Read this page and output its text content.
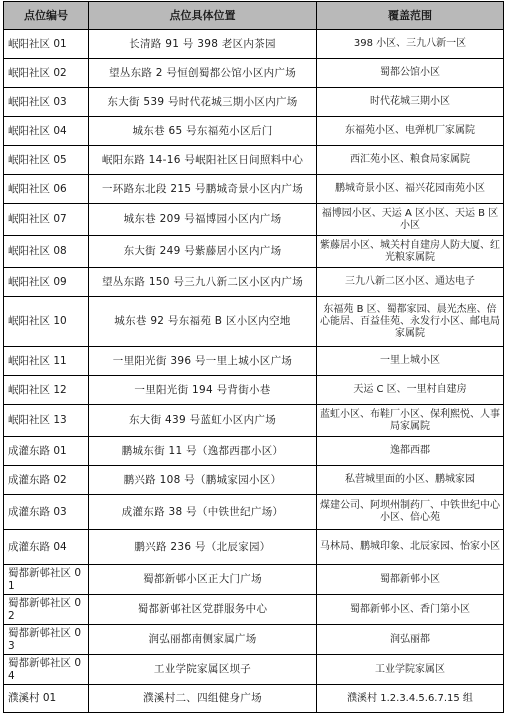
点位编号	点位具体位置	覆盖范围
岷阳社区 01	长清路 91 号 398 老区内茶园	398 小区、三九八新一区
岷阳社区 02	望丛东路 2 号恒创蜀都公馆小区内广场	蜀都公馆小区
岷阳社区 03	东大街 539 号时代花城三期小区内广场	时代花城三期小区
岷阳社区 04	城东巷 65 号东福苑小区后门	东福苑小区、电弹机厂家属院
岷阳社区 05	岷阳东路 14-16 号岷阳社区日间照料中心	西汇苑小区、粮食局家属院
岷阳社区 06	一环路东北段 215 号鹏城奇景小区内广场	鹏城奇景小区、福兴花园南苑小区
岷阳社区 07	城东巷 209 号福博园小区内广场	福博园小区、天运 A 区小区、天运 B 区小区
岷阳社区 08	东大街 249 号紫藤居小区内广场	紫藤居小区、城关村自建房人防大厦、红光粮家属院
岷阳社区 09	望丛东路 150 号三九八新二区小区内广场	三九八新二区小区、通达电子
岷阳社区 10	城东巷 92 号东福苑 B 区小区内空地	东福苑 B 区、蜀都家园、晨光杰座、倍心能居、百益佳苑、永发行小区、邮电局家属院
岷阳社区 11	一里阳光街 396 号一里上城小区广场	一里上城小区
岷阳社区 12	一里阳光街 194 号背街小巷	天运 C 区、一里村自建房
岷阳社区 13	东大街 439 号蓝虹小区内广场	蓝虹小区、布鞋厂小区、保利熙悦、人事局家属院
成灌东路 01	鹏城东街 11 号（逸都西郡小区）	逸都西郡
成灌东路 02	鹏兴路 108 号（鹏城家园小区）	私营城里面的小区、鹏城家园
成灌东路 03	成灌东路 38 号（中铁世纪广场）	煤建公司、阿坝州制药厂、中铁世纪中心小区、倍心苑
成灌东路 04	鹏兴路 236 号（北辰家园）	马林局、鹏城印象、北辰家园、怡家小区
蜀都新邨社区 01	蜀都新邨小区正大门广场	蜀都新邨小区
蜀都新邨社区 02	蜀都新邨社区党群服务中心	蜀都新邨小区、香门第小区
蜀都新邨社区 03	润弘丽都南侧家属广场	润弘丽都
蜀都新邨社区 04	工业学院家属区坝子	工业学院家属区
濮溪村 01	濮溪村二、四组健身广场	濮溪村 1.2.3.4.5.6.7.15 组
